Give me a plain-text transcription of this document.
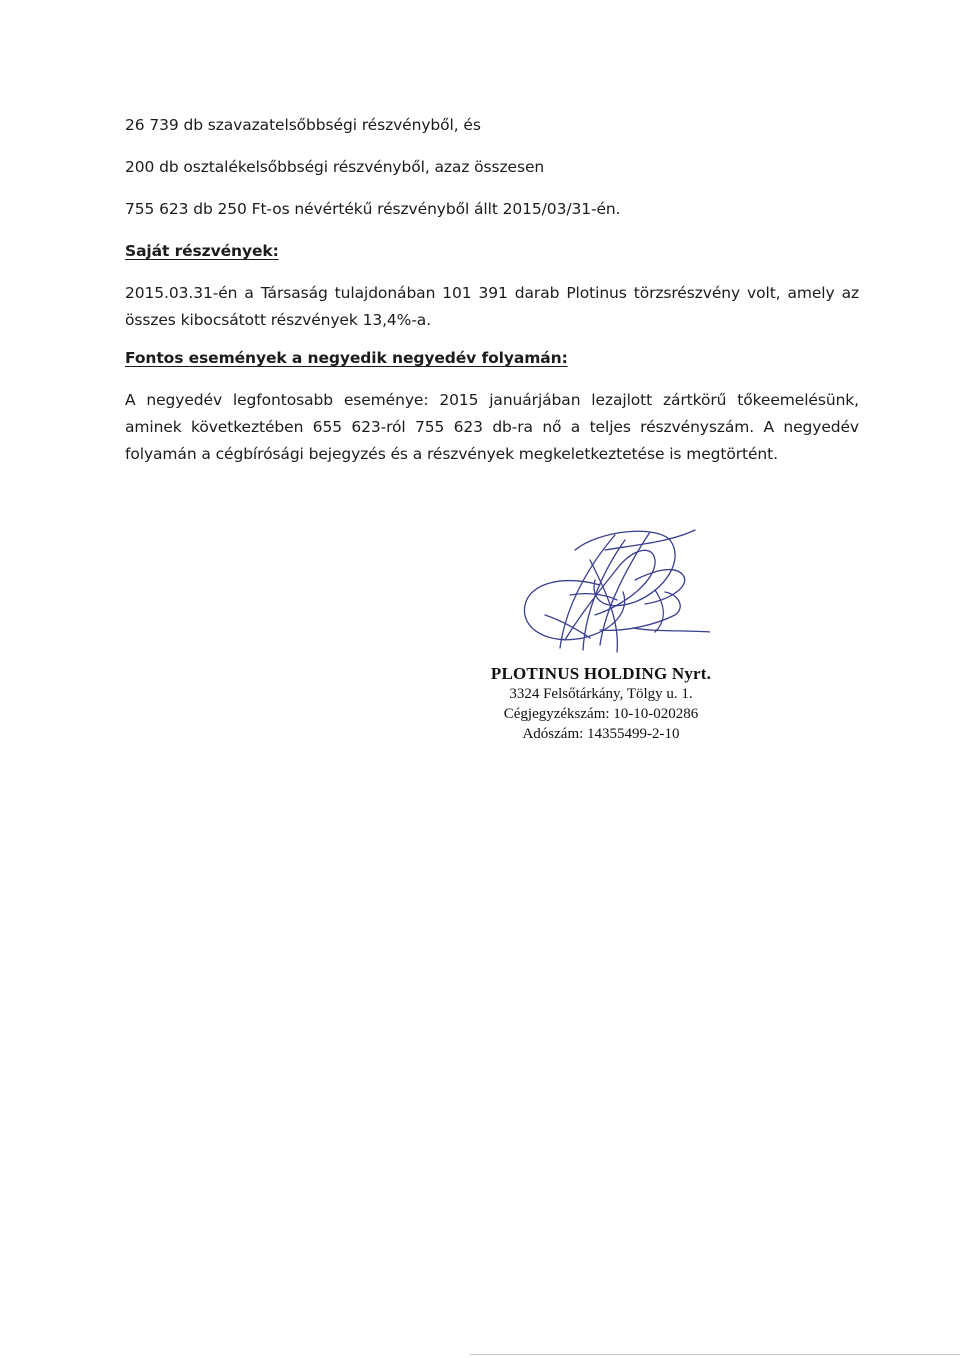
26 739 db szavazatelsőbbségi részvényből, és
200 db osztalékelsőbbségi részvényből, azaz összesen
755 623 db 250 Ft-os névértékű részvényből állt 2015/03/31-én.
Saját részvények:
2015.03.31-én a Társaság tulajdonában 101 391 darab Plotinus törzsrészvény volt, amely az összes kibocsátott részvények 13,4%-a.
Fontos események a negyedik negyedév folyamán:
A negyedév legfontosabb eseménye: 2015 januárjában lezajlott zártkörű tőkeemelésünk, aminek következtében 655 623-ról 755 623 db-ra nő a teljes részvényszám. A negyedév folyamán a cégbírósági bejegyzés és a részvények megkeletkeztetése is megtörtént.
PLOTINUS HOLDING Nyrt.
3324 Felsőtárkány, Tölgy u. 1.
Cégjegyzékszám: 10-10-020286
Adószám: 14355499-2-10
